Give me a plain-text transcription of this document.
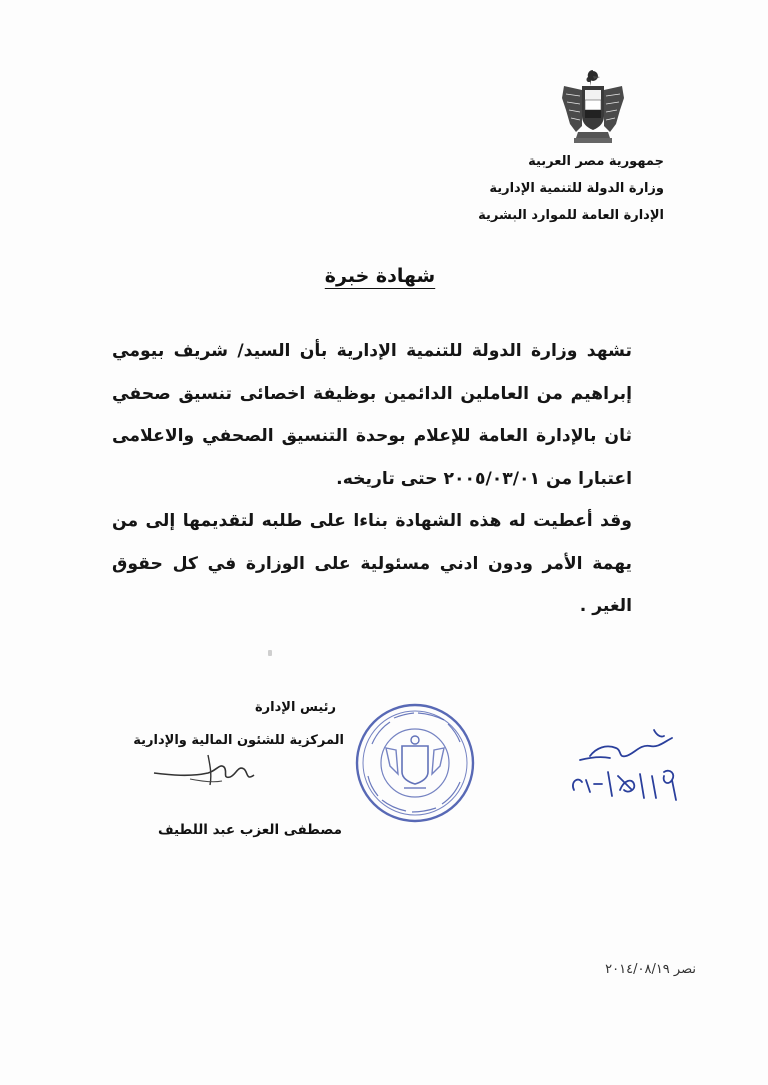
جمهورية مصر العربية
وزارة الدولة للتنمية الإدارية
الإدارة العامة للموارد البشرية
شهادة خبرة

تشهد وزارة الدولة للتنمية الإدارية بأن السيد/ شريف بيومي إبراهيم من العاملين الدائمين بوظيفة اخصائى تنسيق صحفي ثان بالإدارة العامة للإعلام بوحدة التنسيق الصحفي والاعلامى اعتبارا من ٢٠٠٥/٠٣/٠١ حتى تاريخه.

وقد أعطيت له هذه الشهادة بناءا على طلبه لتقديمها إلى من يهمة الأمر ودون ادني مسئولية على الوزارة في كل حقوق الغير .

رئيس الإدارة
المركزية للشئون المالية والإدارية
مصطفى العزب عبد اللطيف
نصر ٢٠١٤/٠٨/١٩
